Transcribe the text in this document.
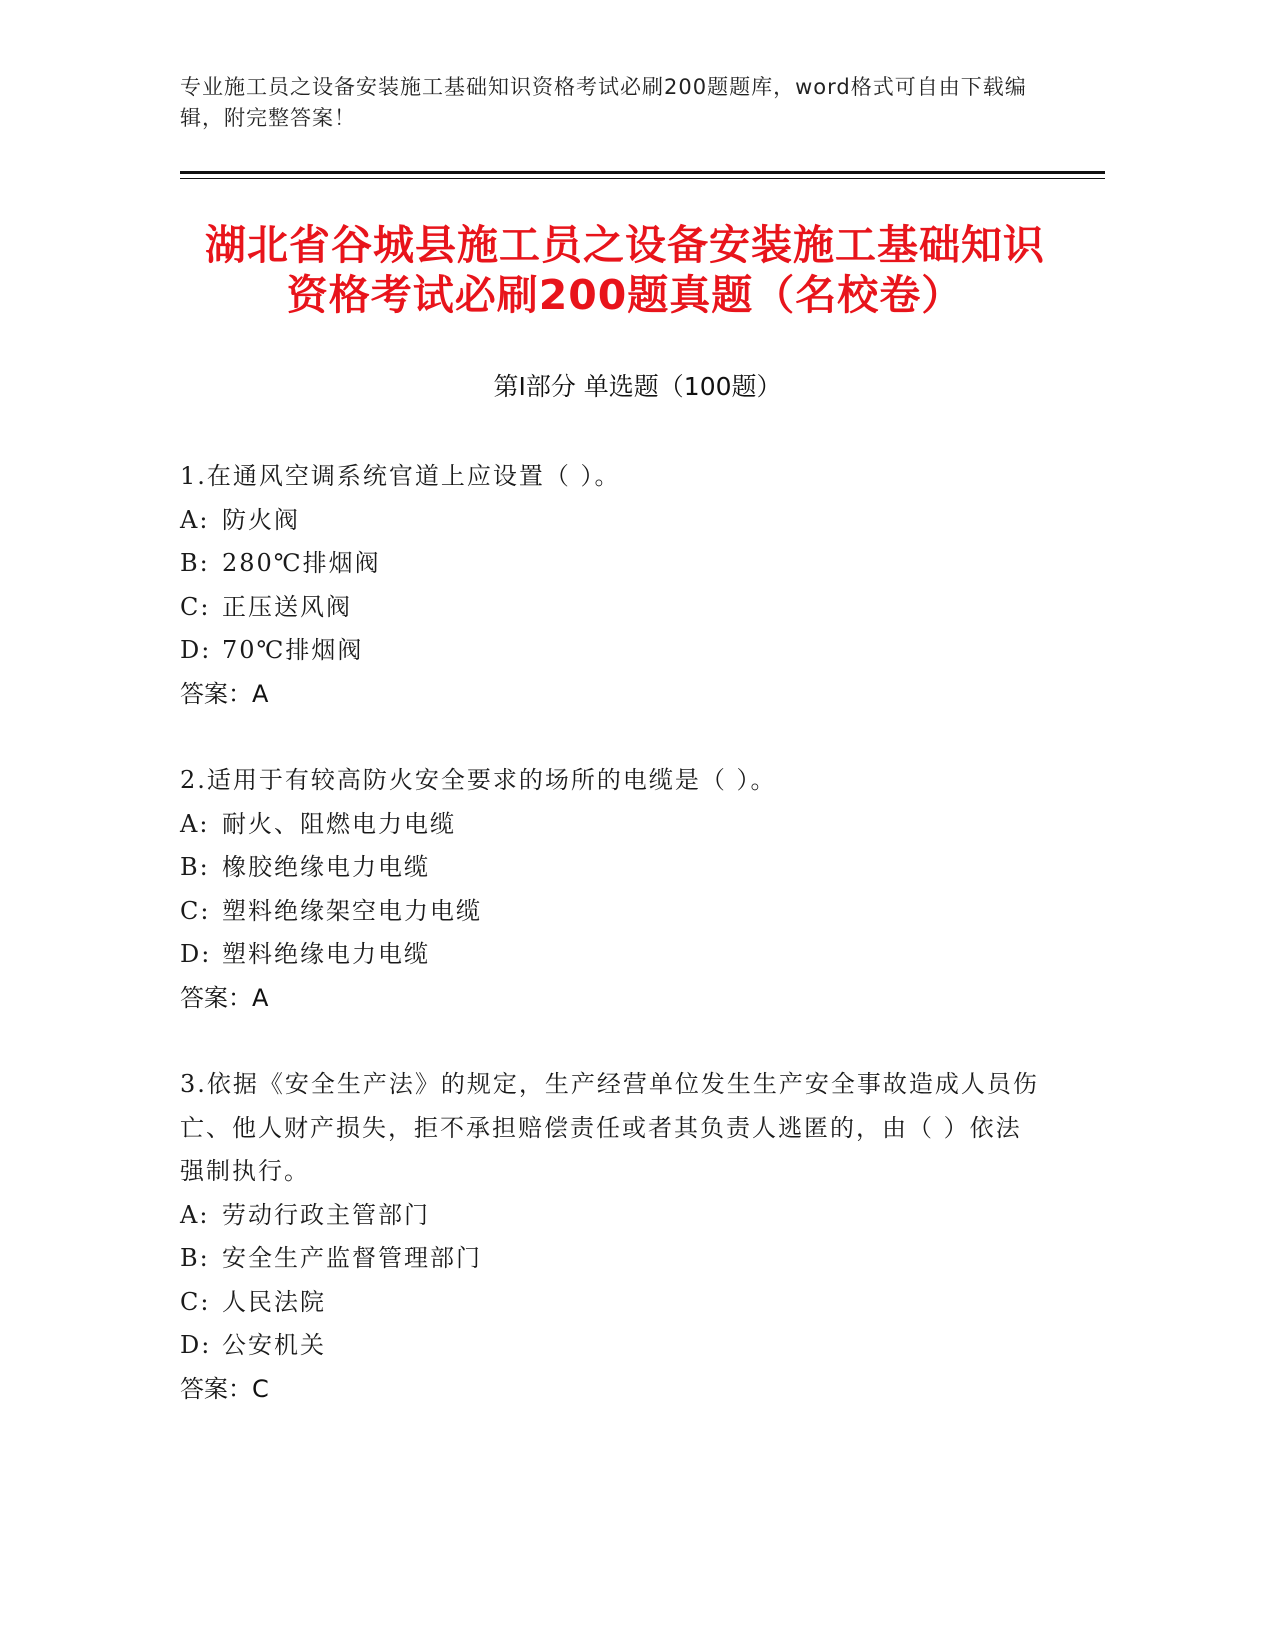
专业施工员之设备安装施工基础知识资格考试必刷200题题库，word格式可自由下载编辑，附完整答案！
湖北省谷城县施工员之设备安装施工基础知识资格考试必刷200题真题（名校卷）
第Ⅰ部分 单选题（100题）
1.在通风空调系统官道上应设置（ ）。
A: 防火阀
B: 280℃排烟阀
C: 正压送风阀
D: 70℃排烟阀
答案：A
2.适用于有较高防火安全要求的场所的电缆是（ ）。
A: 耐火、阻燃电力电缆
B: 橡胶绝缘电力电缆
C: 塑料绝缘架空电力电缆
D: 塑料绝缘电力电缆
答案：A
3.依据《安全生产法》的规定，生产经营单位发生生产安全事故造成人员伤亡、他人财产损失，拒不承担赔偿责任或者其负责人逃匿的，由（ ）依法强制执行。
A: 劳动行政主管部门
B: 安全生产监督管理部门
C: 人民法院
D: 公安机关
答案：C
